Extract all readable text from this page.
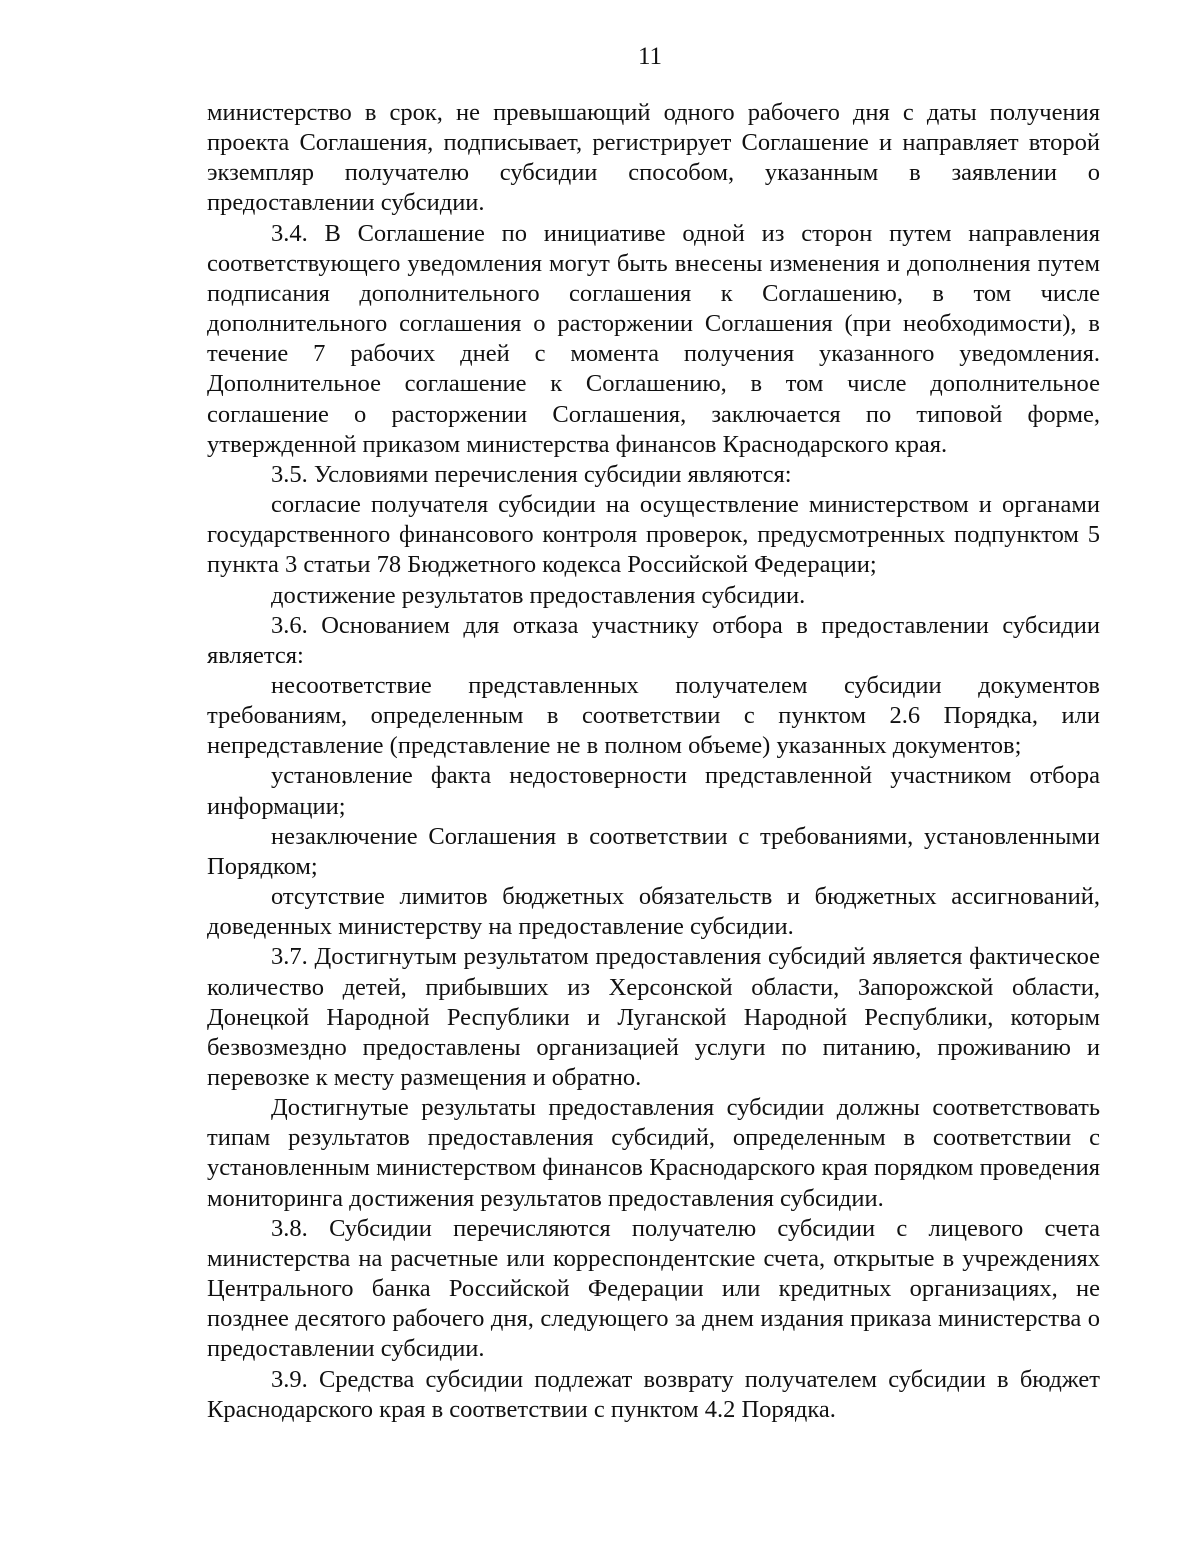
11

министерство в срок, не превышающий одного рабочего дня с даты получения проекта Соглашения, подписывает, регистрирует Соглашение и направляет второй экземпляр получателю субсидии способом, указанным в заявлении о предоставлении субсидии.

3.4. В Соглашение по инициативе одной из сторон путем направления соответствующего уведомления могут быть внесены изменения и дополнения путем подписания дополнительного соглашения к Соглашению, в том числе дополнительного соглашения о расторжении Соглашения (при необходимости), в течение 7 рабочих дней с момента получения указанного уведомления. Дополнительное соглашение к Соглашению, в том числе дополнительное соглашение о расторжении Соглашения, заключается по типовой форме, утвержденной приказом министерства финансов Краснодарского края.

3.5. Условиями перечисления субсидии являются:

согласие получателя субсидии на осуществление министерством и органами государственного финансового контроля проверок, предусмотренных подпунктом 5 пункта 3 статьи 78 Бюджетного кодекса Российской Федерации;

достижение результатов предоставления субсидии.

3.6. Основанием для отказа участнику отбора в предоставлении субсидии является:

несоответствие представленных получателем субсидии документов требованиям, определенным в соответствии с пунктом 2.6 Порядка, или непредставление (представление не в полном объеме) указанных документов;

установление факта недостоверности представленной участником отбора информации;

незаключение Соглашения в соответствии с требованиями, установленными Порядком;

отсутствие лимитов бюджетных обязательств и бюджетных ассигнований, доведенных министерству на предоставление субсидии.

3.7. Достигнутым результатом предоставления субсидий является фактическое количество детей, прибывших из Херсонской области, Запорожской области, Донецкой Народной Республики и Луганской Народной Республики, которым безвозмездно предоставлены организацией услуги по питанию, проживанию и перевозке к месту размещения и обратно.

Достигнутые результаты предоставления субсидии должны соответствовать типам результатов предоставления субсидий, определенным в соответствии с установленным министерством финансов Краснодарского края порядком проведения мониторинга достижения результатов предоставления субсидии.

3.8. Субсидии перечисляются получателю субсидии с лицевого счета министерства на расчетные или корреспондентские счета, открытые в учреждениях Центрального банка Российской Федерации или кредитных организациях, не позднее десятого рабочего дня, следующего за днем издания приказа министерства о предоставлении субсидии.

3.9. Средства субсидии подлежат возврату получателем субсидии в бюджет Краснодарского края в соответствии с пунктом 4.2 Порядка.
